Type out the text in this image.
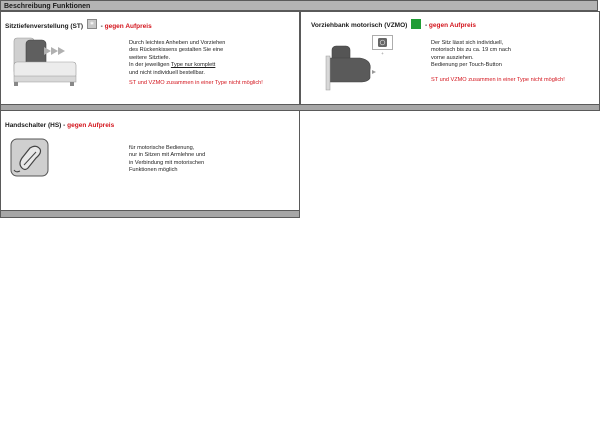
Beschreibung Funktionen
Sitztiefenverstellung (ST) * - gegen Aufpreis
Durch leichtes Anheben und Vorziehen
des Rückenkissens gestalten Sie eine
weitere Sitztiefe.
In der jeweiligen Type nur komplett
und nicht individuell bestellbar.
ST und VZMO zusammen in einer Type nicht möglich!
Vorziehbank motorisch (VZMO)	- gegen Aufpreis
+
Der Sitz lässt sich individuell,
motorisch bis zu ca. 19 cm nach
vorne ausziehen.
Bedienung per Touch-Button
ST und VZMO zusammen in einer Type nicht möglich!
Handschalter (HS) - gegen Aufpreis
für motorische Bedienung,
nur in Sitzen mit Armlehne und
in Verbindung mit motorischen
Funktionen möglich
